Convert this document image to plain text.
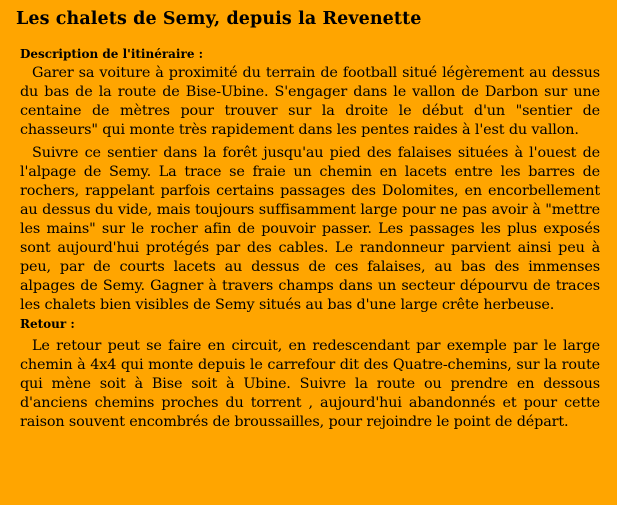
Les chalets de Semy, depuis la Revenette
Description de l'itinéraire :

Garer sa voiture à proximité du terrain de football situé légèrement au dessus du bas de la route de Bise-Ubine. S'engager dans le vallon de Darbon sur une centaine de mètres pour trouver sur la droite le début d'un "sentier de chasseurs" qui monte très rapidement dans les pentes raides à l'est du vallon.

Suivre ce sentier dans la forêt jusqu'au pied des falaises situées à l'ouest de l'alpage de Semy. La trace se fraie un chemin en lacets entre les barres de rochers, rappelant parfois certains passages des Dolomites, en encorbellement au dessus du vide, mais toujours suffisamment large pour ne pas avoir à "mettre les mains" sur le rocher afin de pouvoir passer. Les passages les plus exposés sont aujourd'hui protégés par des cables. Le randonneur parvient ainsi peu à peu, par de courts lacets au dessus de ces falaises, au bas des immenses alpages de Semy. Gagner à travers champs dans un secteur dépourvu de traces les chalets bien visibles de Semy situés au bas d'une large crête herbeuse.

Retour :

Le retour peut se faire en circuit, en redescendant par exemple par le large chemin à 4x4 qui monte depuis le carrefour dit des Quatre-chemins, sur la route qui mène soit à Bise soit à Ubine. Suivre la route ou prendre en dessous d'anciens chemins proches du torrent , aujourd'hui abandonnés et pour cette raison souvent encombrés de broussailles, pour rejoindre le point de départ.
